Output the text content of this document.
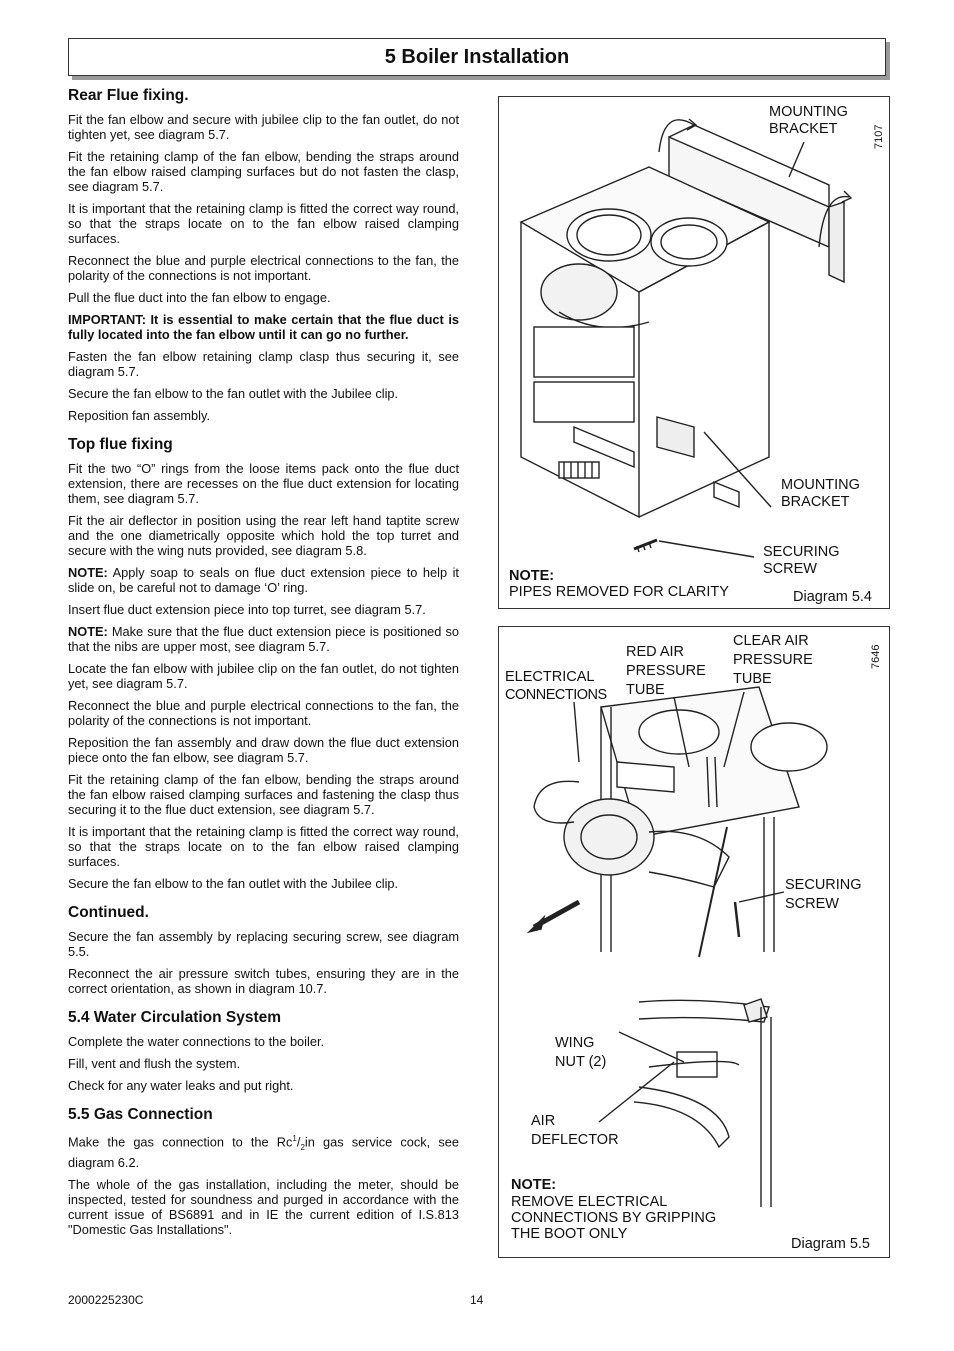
5 Boiler Installation
Rear Flue fixing.

Fit the fan elbow and secure with jubilee clip to the fan outlet, do not tighten yet, see diagram 5.7.

Fit the retaining clamp of the fan elbow, bending the straps around the fan elbow raised clamping surfaces but do not fasten the clasp, see diagram 5.7.

It is important that the retaining clamp is fitted the correct way round, so that the straps locate on to the fan elbow raised clamping surfaces.

Reconnect the blue and purple electrical connections to the fan, the polarity of the connections is not important.

Pull the flue duct into the fan elbow to engage.

IMPORTANT: It is essential to make certain that the flue duct is fully located into the fan elbow until it can go no further.

Fasten the fan elbow retaining clamp clasp thus securing it, see diagram 5.7.

Secure the fan elbow to the fan outlet with the Jubilee clip.

Reposition fan assembly.

Top flue fixing

Fit the two “O” rings from the loose items pack onto the flue duct extension, there are recesses on the flue duct extension for locating them, see diagram 5.7.

Fit the air deflector in position using the rear left hand taptite screw and the one diametrically opposite which hold the top turret and secure with the wing nuts provided, see diagram 5.8.

NOTE: Apply soap to seals on flue duct extension piece to help it slide on, be careful not to damage ‘O’ ring.

Insert flue duct extension piece into top turret, see diagram 5.7.

NOTE: Make sure that the flue duct extension piece is positioned so that the nibs are upper most, see diagram 5.7.

Locate the fan elbow with jubilee clip on the fan outlet, do not tighten yet, see diagram 5.7.

Reconnect the blue and purple electrical connections to the fan, the polarity of the connections is not important.

Reposition the fan assembly and draw down the flue duct extension piece onto the fan elbow, see diagram 5.7.

Fit the retaining clamp of the fan elbow, bending the straps around the fan elbow raised clamping surfaces and fastening the clasp thus securing it to the flue duct extension, see diagram 5.7.

It is important that the retaining clamp is fitted the correct way round, so that the straps locate on to the fan elbow raised clamping surfaces.

Secure the fan elbow to the fan outlet with the Jubilee clip.

Continued.

Secure the fan assembly by replacing securing screw, see diagram 5.5.

Reconnect the air pressure switch tubes, ensuring they are in the correct orientation, as shown in diagram 10.7.

5.4 Water Circulation System

Complete the water connections to the boiler.

Fill, vent and flush the system.

Check for any water leaks and put right.

5.5 Gas Connection

Make the gas connection to the $Rc^1/_2in$ gas service cock, see diagram 6.2.

The whole of the gas installation, including the meter, should be inspected, tested for soundness and purged in accordance with the current issue of BS6891 and in IE the current edition of I.S.813 "Domestic Gas Installations".

7107
MOUNTING
BRACKET
MOUNTING
BRACKET
SECURING
SCREW
NOTE:
PIPES REMOVED FOR CLARITY	Diagram 5.4
7646
ELECTRICAL
CONNECTIONS
RED AIR
PRESSURE
TUBE
CLEAR AIR
PRESSURE
TUBE
SECURING
SCREW
WING
NUT (2)
AIR
DEFLECTOR
NOTE:
REMOVE ELECTRICAL
CONNECTIONS BY GRIPPING
THE BOOT ONLY
Diagram 5.5
2000225230C	14
